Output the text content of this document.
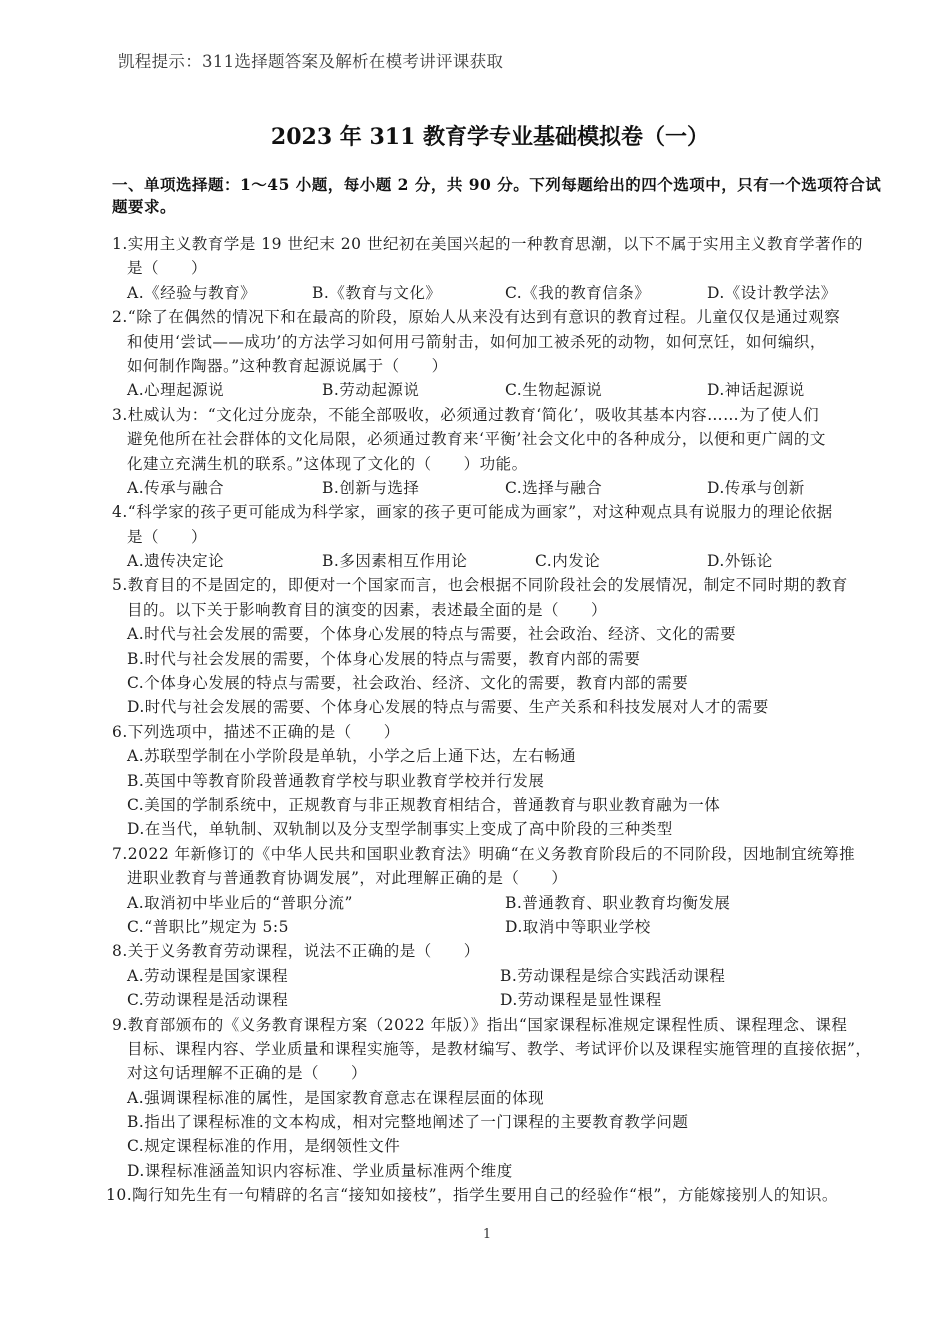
凯程提示：311选择题答案及解析在模考讲评课获取
2023 年 311 教育学专业基础模拟卷（一）
一、单项选择题：1～45 小题，每小题 2 分，共 90 分。下列每题给出的四个选项中，只有一个选项符合试
题要求。
1.实用主义教育学是 19 世纪末 20 世纪初在美国兴起的一种教育思潮，以下不属于实用主义教育学著作的
是（　　）
A.《经验与教育》	B.《教育与文化》	C.《我的教育信条》	D.《设计教学法》
2.“除了在偶然的情况下和在最高的阶段，原始人从来没有达到有意识的教育过程。儿童仅仅是通过观察
和使用‘尝试——成功’的方法学习如何用弓箭射击，如何加工被杀死的动物，如何烹饪，如何编织，
如何制作陶器。”这种教育起源说属于（　　）
A.心理起源说	B.劳动起源说	C.生物起源说	D.神话起源说
3.杜威认为：“文化过分庞杂，不能全部吸收，必须通过教育‘简化’，吸收其基本内容……为了使人们
避免他所在社会群体的文化局限，必须通过教育来‘平衡’社会文化中的各种成分，以便和更广阔的文
化建立充满生机的联系。”这体现了文化的（　　）功能。
A.传承与融合	B.创新与选择	C.选择与融合	D.传承与创新
4.“科学家的孩子更可能成为科学家，画家的孩子更可能成为画家”，对这种观点具有说服力的理论依据
是（　　）
A.遗传决定论	B.多因素相互作用论	C.内发论	D.外铄论
5.教育目的不是固定的，即便对一个国家而言，也会根据不同阶段社会的发展情况，制定不同时期的教育
目的。以下关于影响教育目的演变的因素，表述最全面的是（　　）
A.时代与社会发展的需要，个体身心发展的特点与需要，社会政治、经济、文化的需要
B.时代与社会发展的需要，个体身心发展的特点与需要，教育内部的需要
C.个体身心发展的特点与需要，社会政治、经济、文化的需要，教育内部的需要
D.时代与社会发展的需要、个体身心发展的特点与需要、生产关系和科技发展对人才的需要
6.下列选项中，描述不正确的是（　　）
A.苏联型学制在小学阶段是单轨，小学之后上通下达，左右畅通
B.英国中等教育阶段普通教育学校与职业教育学校并行发展
C.美国的学制系统中，正规教育与非正规教育相结合，普通教育与职业教育融为一体
D.在当代，单轨制、双轨制以及分支型学制事实上变成了高中阶段的三种类型
7.2022 年新修订的《中华人民共和国职业教育法》明确“在义务教育阶段后的不同阶段，因地制宜统筹推
进职业教育与普通教育协调发展”，对此理解正确的是（　　）
A.取消初中毕业后的“普职分流”	B.普通教育、职业教育均衡发展
C.“普职比”规定为 5:5	D.取消中等职业学校
8.关于义务教育劳动课程，说法不正确的是（　　）
A.劳动课程是国家课程	B.劳动课程是综合实践活动课程
C.劳动课程是活动课程	D.劳动课程是显性课程
9.教育部颁布的《义务教育课程方案（2022 年版）》指出“国家课程标准规定课程性质、课程理念、课程
目标、课程内容、学业质量和课程实施等，是教材编写、教学、考试评价以及课程实施管理的直接依据”，
对这句话理解不正确的是（　　）
A.强调课程标准的属性，是国家教育意志在课程层面的体现
B.指出了课程标准的文本构成，相对完整地阐述了一门课程的主要教育教学问题
C.规定课程标准的作用，是纲领性文件
D.课程标准涵盖知识内容标准、学业质量标准两个维度
10.陶行知先生有一句精辟的名言“接知如接枝”，指学生要用自己的经验作“根”，方能嫁接别人的知识。
1
